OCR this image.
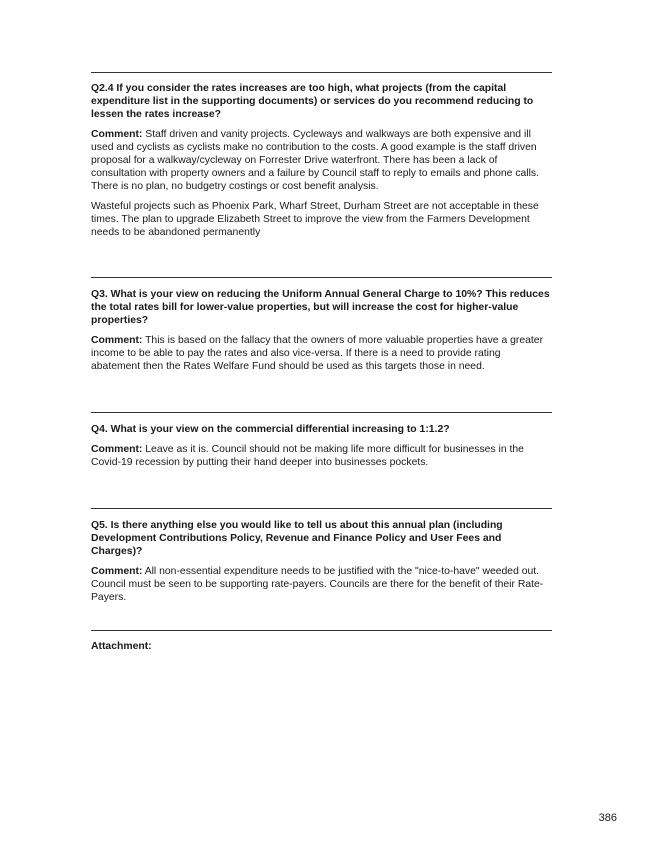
Q2.4 If you consider the rates increases are too high, what projects (from the capital expenditure list in the supporting documents) or services do you recommend reducing to lessen the rates increase?

Comment: Staff driven and vanity projects. Cycleways and walkways are both expensive and ill used and cyclists as cyclists make no contribution to the costs. A good example is the staff driven proposal for a walkway/cycleway on Forrester Drive waterfront. There has been a lack of consultation with property owners and a failure by Council staff to reply to emails and phone calls. There is no plan, no budgetry costings or cost benefit analysis.

Wasteful projects such as Phoenix Park, Wharf Street, Durham Street are not acceptable in these times. The plan to upgrade Elizabeth Street to improve the view from the Farmers Development needs to be abandoned permanently

Q3. What is your view on reducing the Uniform Annual General Charge to 10%? This reduces the total rates bill for lower-value properties, but will increase the cost for higher-value properties?

Comment: This is based on the fallacy that the owners of more valuable properties have a greater income to be able to pay the rates and also vice-versa. If there is a need to provide rating abatement then the Rates Welfare Fund should be used as this targets those in need.

Q4. What is your view on the commercial differential increasing to 1:1.2?

Comment: Leave as it is. Council should not be making life more difficult for businesses in the Covid-19 recession by putting their hand deeper into businesses pockets.

Q5. Is there anything else you would like to tell us about this annual plan (including Development Contributions Policy, Revenue and Finance Policy and User Fees and Charges)?

Comment: All non-essential expenditure needs to be justified with the "nice-to-have" weeded out. Council must be seen to be supporting rate-payers. Councils are there for the benefit of their Rate-Payers.

Attachment:

386
